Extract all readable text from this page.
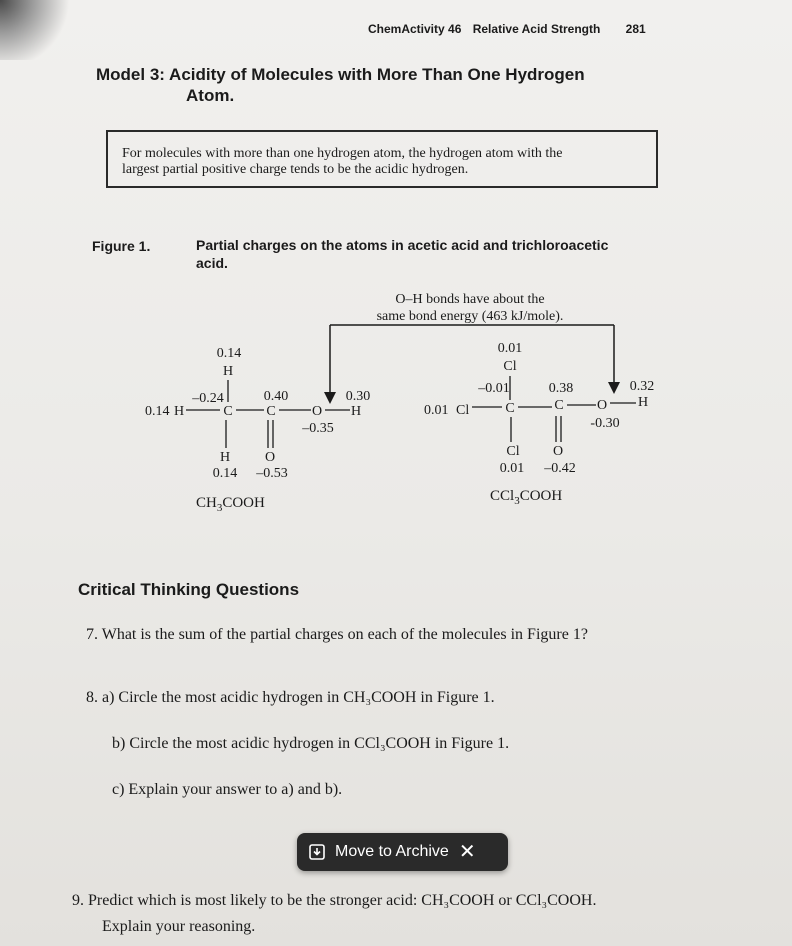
ChemActivity 46 Relative Acid Strength 281
Model 3: Acidity of Molecules with More Than One Hydrogen
Atom.
For molecules with more than one hydrogen atom, the hydrogen atom with the
largest partial positive charge tends to be the acidic hydrogen.
Figure 1.	Partial charges on the atoms in acetic acid and trichloroacetic
acid.
O–H bonds have about the
same bond energy (463 kJ/mole).
0.14
H
0.14 H
–0.24
C
0.40
C	O
–0.35
0.30
H
H O
0.14 –0.53
$CH_3COOH$
0.01
Cl
0.01 Cl
–0.01
C
0.38
C O
-0.30
0.32
H
Cl O
0.01 –0.42
CCl$_3$COOH
Critical Thinking Questions
7. What is the sum of the partial charges on each of the molecules in Figure 1?
8. a) Circle the most acidic hydrogen in CH₃COOH in Figure 1.
b) Circle the most acidic hydrogen in CCl₃COOH in Figure 1.
c) Explain your answer to a) and b).
9. Predict which is most likely to be the stronger acid: CH₃COOH or CCl₃COOH.
Explain your reasoning.
Move to Archive ✕
